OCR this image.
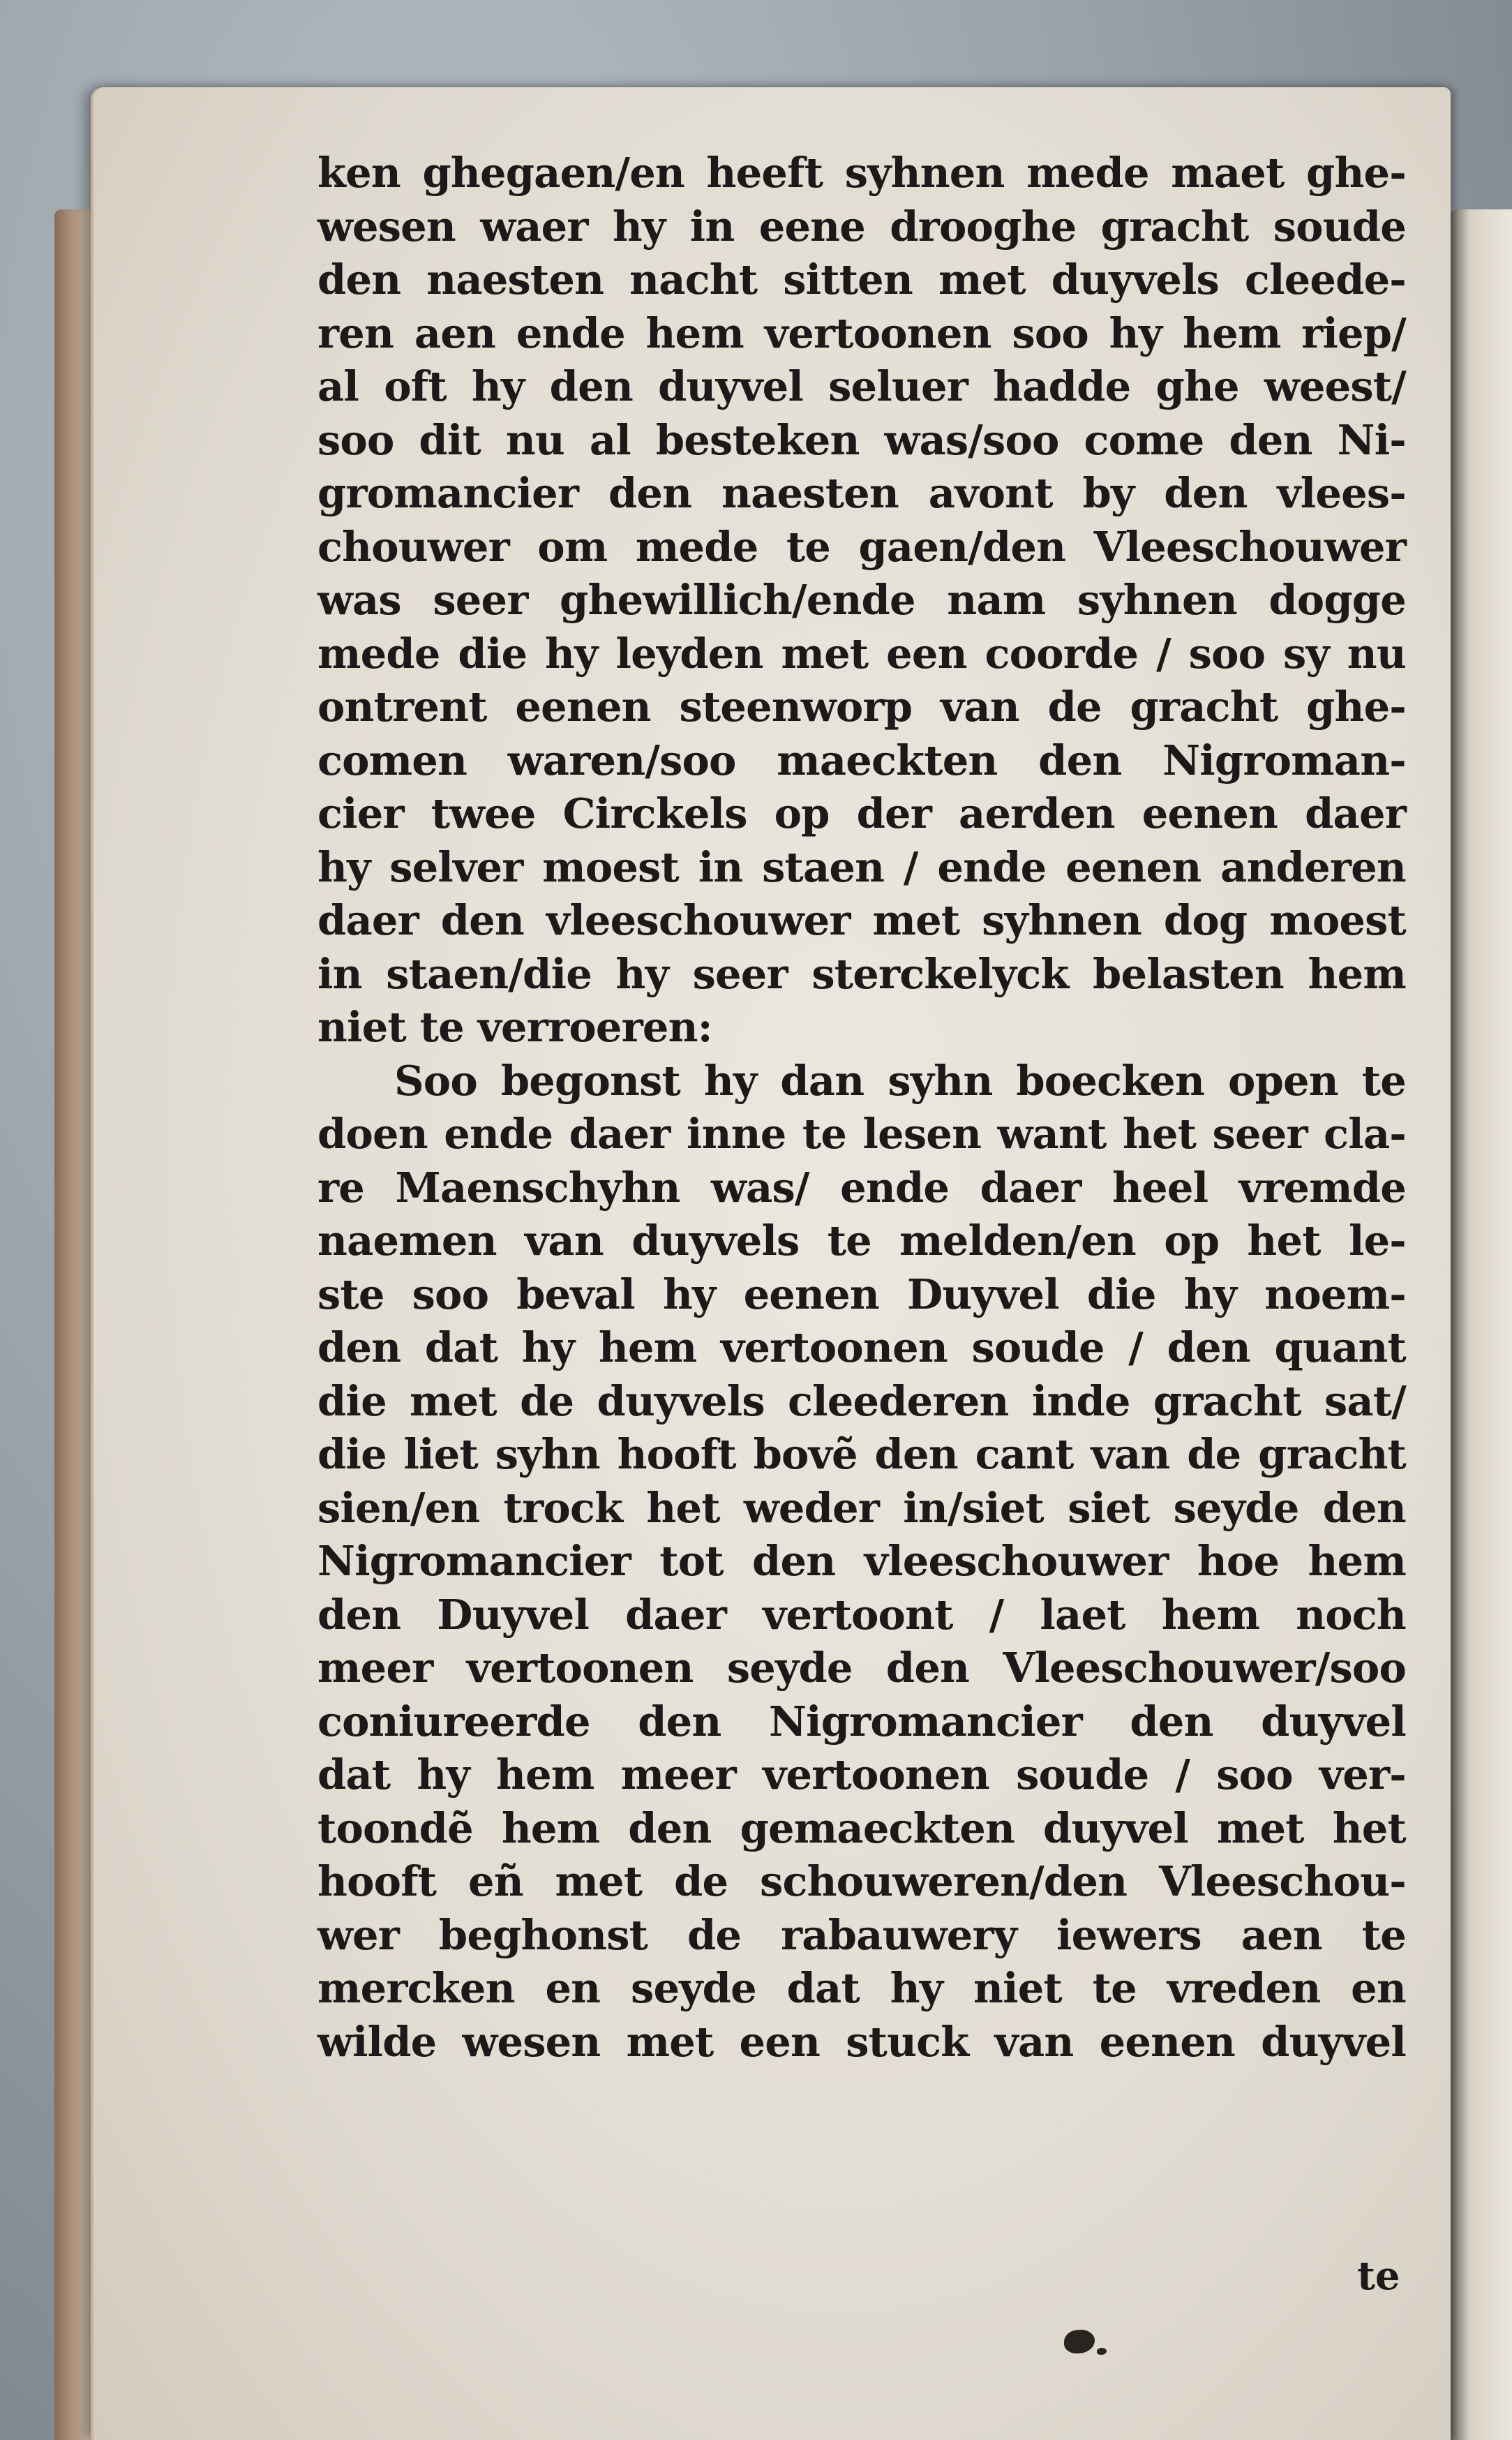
ken ghegaen/en heeft syhnen mede maet ghe-
wesen waer hy in eene drooghe gracht soude
den naesten nacht sitten met duyvels cleede-
ren aen ende hem vertoonen soo hy hem riep/
al oft hy den duyvel seluer hadde ghe weest/
soo dit nu al besteken was/soo come den Ni-
gromancier den naesten avont by den vlees-
chouwer om mede te gaen/den Vleeschouwer
was seer ghewillich/ende nam syhnen dogge
mede die hy leyden met een coorde / soo sy nu
ontrent eenen steenworp van de gracht ghe-
comen waren/soo maeckten den Nigroman-
cier twee Circkels op der aerden eenen daer
hy selver moest in staen / ende eenen anderen
daer den vleeschouwer met syhnen dog moest
in staen/die hy seer sterckelyck belasten hem
niet te verroeren:
Soo begonst hy dan syhn boecken open te
doen ende daer inne te lesen want het seer cla-
re Maenschyhn was/ ende daer heel vremde
naemen van duyvels te melden/en op het le-
ste soo beval hy eenen Duyvel die hy noem-
den dat hy hem vertoonen soude / den quant
die met de duyvels cleederen inde gracht sat/
die liet syhn hooft bovẽ den cant van de gracht
sien/en trock het weder in/siet siet seyde den
Nigromancier tot den vleeschouwer hoe hem
den Duyvel daer vertoont / laet hem noch
meer vertoonen seyde den Vleeschouwer/soo
coniureerde den Nigromancier den duyvel
dat hy hem meer vertoonen soude / soo ver-
toondẽ hem den gemaeckten duyvel met het
hooft eñ met de schouweren/den Vleeschou-
wer beghonst de rabauwery iewers aen te
mercken en seyde dat hy niet te vreden en
wilde wesen met een stuck van eenen duyvel
te
